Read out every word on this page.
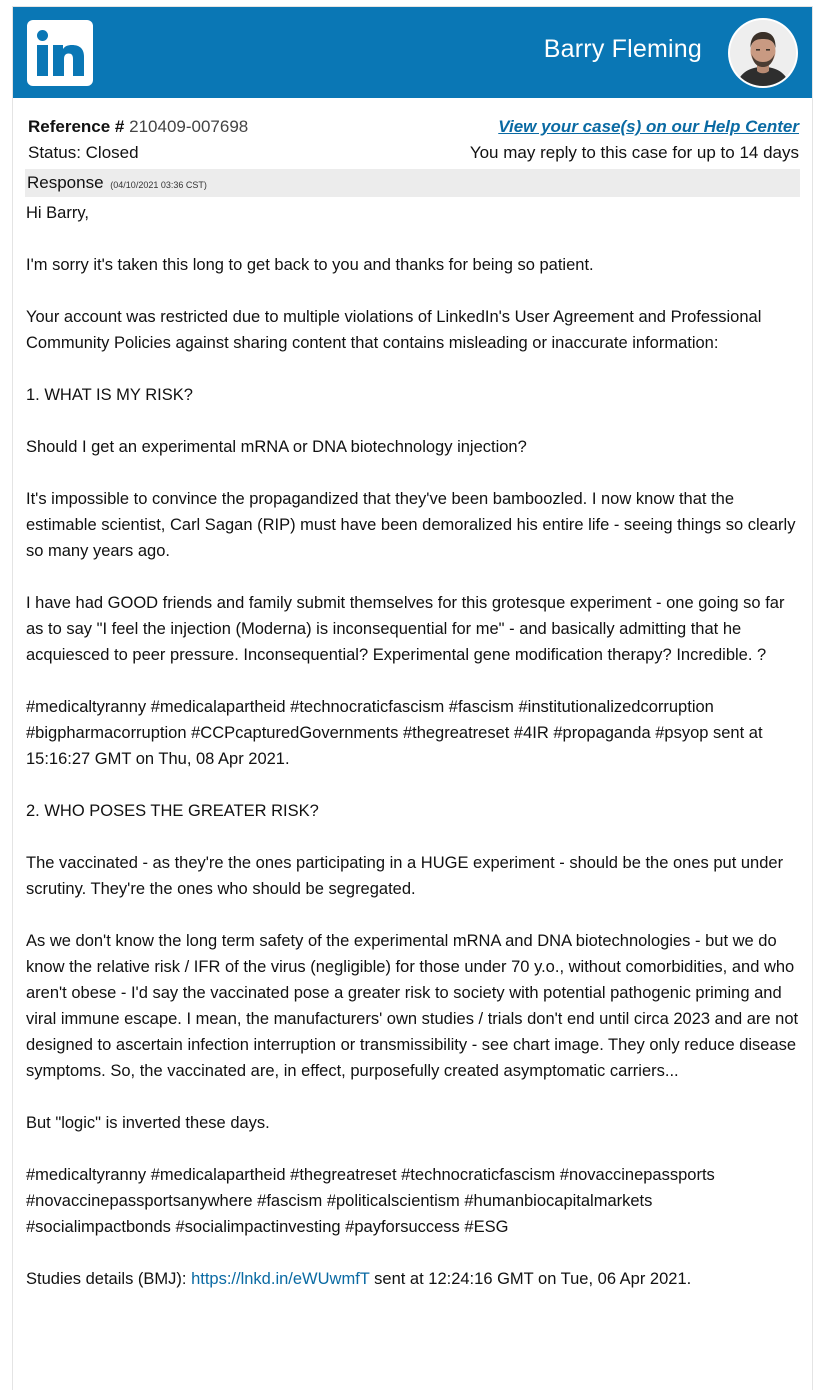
Barry Fleming
Reference # 210409-007698	View your case(s) on our Help Center
Status: Closed	You may reply to this case for up to 14 days
Response (04/10/2021 03:36 CST)

Hi Barry,

I'm sorry it's taken this long to get back to you and thanks for being so patient.

Your account was restricted due to multiple violations of LinkedIn's User Agreement and Professional Community Policies against sharing content that contains misleading or inaccurate information:

1. WHAT IS MY RISK?

Should I get an experimental mRNA or DNA biotechnology injection?

It's impossible to convince the propagandized that they've been bamboozled. I now know that the estimable scientist, Carl Sagan (RIP) must have been demoralized his entire life - seeing things so clearly so many years ago.

I have had GOOD friends and family submit themselves for this grotesque experiment - one going so far as to say "I feel the injection (Moderna) is inconsequential for me" - and basically admitting that he acquiesced to peer pressure. Inconsequential? Experimental gene modification therapy? Incredible. ?

#medicaltyranny #medicalapartheid #technocraticfascism #fascism #institutionalizedcorruption #bigpharmacorruption #CCPcapturedGovernments #thegreatreset #4IR #propaganda #psyop sent at 15:16:27 GMT on Thu, 08 Apr 2021.

2. WHO POSES THE GREATER RISK?

The vaccinated - as they're the ones participating in a HUGE experiment - should be the ones put under scrutiny. They're the ones who should be segregated.

As we don't know the long term safety of the experimental mRNA and DNA biotechnologies - but we do know the relative risk / IFR of the virus (negligible) for those under 70 y.o., without comorbidities, and who aren't obese - I'd say the vaccinated pose a greater risk to society with potential pathogenic priming and viral immune escape. I mean, the manufacturers' own studies / trials don't end until circa 2023 and are not designed to ascertain infection interruption or transmissibility - see chart image. They only reduce disease symptoms. So, the vaccinated are, in effect, purposefully created asymptomatic carriers...

But "logic" is inverted these days.

#medicaltyranny #medicalapartheid #thegreatreset #technocraticfascism #novaccinepassports #novaccinepassportsanywhere #fascism #politicalscientism #humanbiocapitalmarkets #socialimpactbonds #socialimpactinvesting #payforsuccess #ESG

Studies details (BMJ): https://lnkd.in/eWUwmfT sent at 12:24:16 GMT on Tue, 06 Apr 2021.
